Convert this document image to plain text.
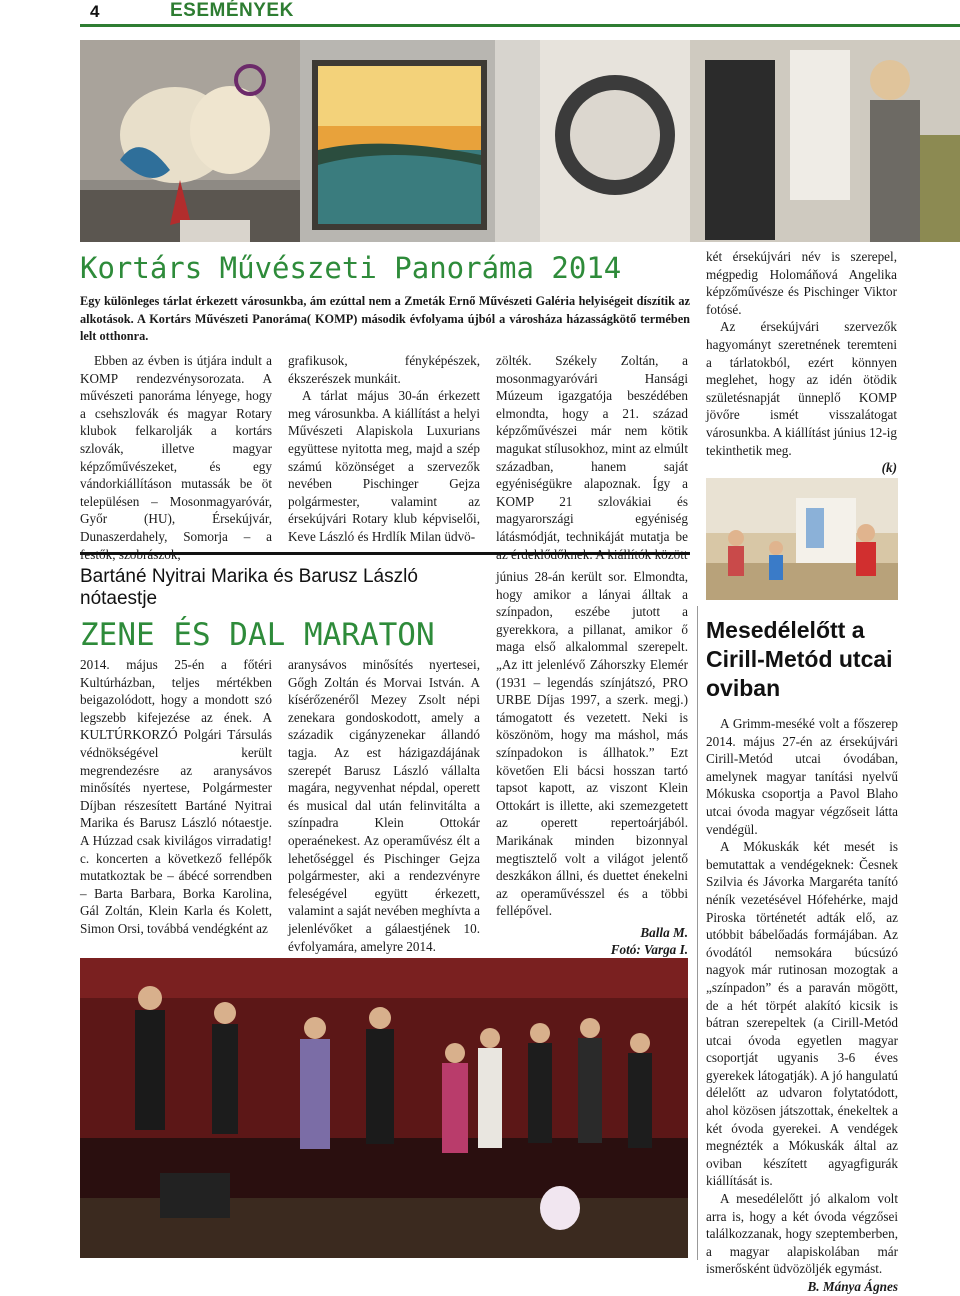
4	ESEMÉNYEK
Kortárs Művészeti Panoráma 2014
Egy különleges tárlat érkezett városunkba, ám ezúttal nem a Zmeták Ernő Művészeti Galéria helyiségeit díszítik az alkotások. A Kortárs Művészeti Panoráma( KOMP) második évfolyama újból a városháza házasságkötő termében lelt otthonra.

Ebben az évben is útjára indult a KOMP rendezvénysorozata. A művészeti panoráma lényege, hogy a csehszlovák és magyar Rotary klubok felkarolják a kortárs szlovák, illetve magyar képzőművészeket, és egy vándorkiállításon mutassák be öt településen – Mosonmagyaróvár, Győr (HU), Érsekújvár, Dunaszerdahely, Somorja – a

grafikusok, fényképészek, ékszerészek munkáit.

A tárlat május 30-án érkezett meg városunkba. A kiállítást a helyi Művészeti Alapiskola Luxurians együttese nyitotta meg, majd a szép számú közönséget a szervezők nevében Pischinger Gejza polgármester, valamint az érsekújvári Rotary klub képviselői, Keve László és Hrdlík Milan üdvö-

zölték. Székely Zoltán, a mosonmagyaróvári Hansági Múzeum igazgatója beszédében elmondta, hogy a 21. század képzőművészei már nem kötik magukat stílusokhoz, mint az elmúlt században, hanem saját egyéniségükre alapoznak. Így a KOMP 21 szlovákiai és magyarországi egyéniség látásmódját, technikáját mutatja be

két érsekújvári név is szerepel, mégpedig Holomáňová Angelika képzőművésze és Pischinger Viktor fotósé.

Az érsekújvári szervezők hagyományt szeretnének teremteni a tárlatokból, ezért könnyen meglehet, hogy az idén ötödik születésnapját ünneplő KOMP jövőre ismét visszalátogat városunkba. A kiállítást június 12-ig tekinthetik meg.

(k)
Bartáné Nyitrai Marika és Barusz László nótaestje
ZENE ÉS DAL MARATON

2014. május 25-én a főtéri Kultúrházban, teljes mértékben beigazolódott, hogy a mondott szó legszebb kifejezése az ének. A KULTÚRKORZÓ Polgári Társulás védnökségével került megrendezésre az aranysávos minősítés nyertese, Polgármester Díjban részesített Bartáné Nyitrai Marika és Barusz László nótaestje. A Húzzad csak kivilágos virradatig! c. koncerten a következő fellépők mutatkoztak be – ábécé sorrendben – Barta Barbara, Borka Karolina, Gál Zoltán, Klein Karla és Kolett, Simon Orsi, továbbá vendégként az

aranysávos minősítés nyertesei, Gőgh Zoltán és Morvai István. A kísérőzenéről Mezey Zsolt népi zenekara gondoskodott, amely a századik cigányzenekar állandó tagja. Az est házigazdájának szerepét Barusz László vállalta magára, negyvenhat népdal, operett és musical dal után felinvitálta a színpadra Klein Ottokár operaénekest. Az operaművész élt a lehetőséggel és Pischinger Gejza polgármester, aki a rendezvényre feleségével együtt érkezett, valamint a saját nevében meghívta a jelenlévőket a gálaestjének 10. évfolyamára, amelyre 2014.

június 28-án került sor. Elmondta, hogy amikor a lányai álltak a színpadon, eszébe jutott a gyerekkora, a pillanat, amikor ő maga első alkalommal szerepelt. „Az itt jelenlévő Záhorszky Elemér (1931 – legendás színjátszó, PRO URBE Díjas 1997, a szerk. megj.) támogatott és vezetett. Neki is köszönöm, hogy ma máshol, más színpadokon is állhatok.” Ezt követően Eli bácsi hosszan tartó tapsot kapott, az viszont Klein Ottokárt is illette, aki szemezgetett az operett repertoárjából. Marikának minden bizonnyal megtisztelő volt a világot jelentő deszkákon állni, és duettet énekelni az operaművésszel és a többi fellépővel.

Balla M.
Fotó: Varga I.
Mesedélelőtt a Cirill-Metód utcai oviban

A Grimm-meséké volt a főszerep 2014. május 27-én az érsekújvári Cirill-Metód utcai óvodában, amelynek magyar tanítási nyelvű Mókuska csoportja a Pavol Blaho utcai óvoda magyar végzőseit látta vendégül.

A Mókuskák két mesét is bemutattak a vendégeknek: Česnek Szilvia és Jávorka Margaréta tanító néník vezetésével Hófehérke, majd Piroska történetét adták elő, az utóbbit bábelőadás formájában. Az óvodától nemsokára búcsúzó nagyok már rutinosan mozogtak a „színpadon” és a paraván mögött, de a hét törpét alakító kicsik is bátran szerepeltek (a Cirill-Metód utcai óvoda egyetlen magyar csoportját ugyanis 3-6 éves gyerekek látogatják). A jó hangulatú délelőtt az udvaron folytatódott, ahol közösen játszottak, énekeltek a két óvoda gyerekei. A vendégek megnézték a Mókuskák által az oviban készített agyagfigurák kiállítását is.

A mesedélelőtt jó alkalom volt arra is, hogy a két óvoda végzősei találkozzanak, hogy szeptemberben, a magyar alapiskolában már ismerősként üdvözöljék egymást.

B. Mánya Ágnes
